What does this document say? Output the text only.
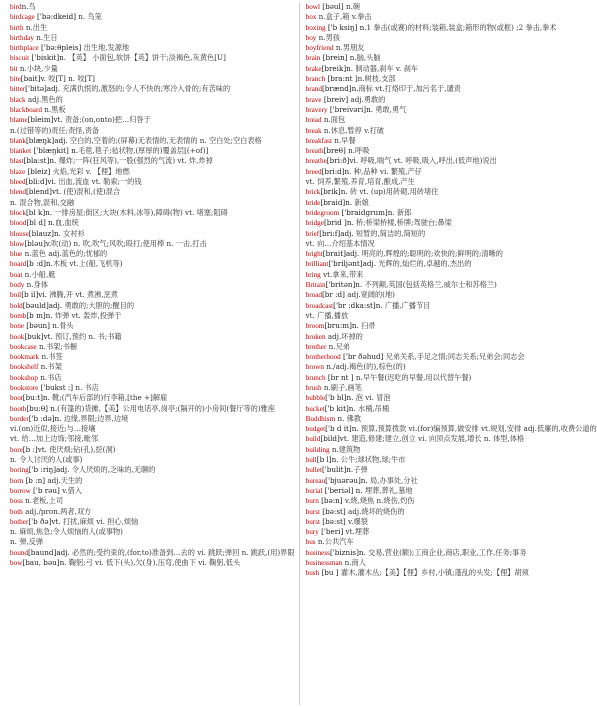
birdn.鸟
birdcage ['bə:dkeid] n. 鸟笼
birth n.出生
birthday n.生日
birthplace ['bə:θpleis] 出生地,发源地
biscuit ['biskit]n. 【英】 小面包,软饼【英】饼干;淡褐色,灰黄色[U]
bit n.小块,少量
bite[bait]v. 咬[T] n. 咬[T]
bitter['bitə]adj. 充满仇恨的,激怒的;令人不快的;寒冷入骨的;有苦味的
black adj.黑色的
blackboard n.黑板
blame[bleim]vt. 责备;(on,onto)把…归咎于
n.(过错等的)责任;责怪,责备
blank[blæŋk]adj. 空白的,空着的;(屏幕)无表情的,无表情的 n. 空白处;空白表格
blanket ['blæŋkit] n.毛毯,毯子;毡状物,(厚厚的)覆盖层[(+of)]
blast[bla:st]n. 爆炸;一阵(狂风等),一股(强烈的气流) vt. 炸,炸掉
blaze [bleiz] 火焰,光彩 v. 【俚】地燃
bleed[bli:d]vi. 出血,流血 vt. 勒索;一的钱
blend[blend]vt. (使)混和,(使)混合
n. 混合物,混和,交融
block[bl k]n. 一排房屋;街区;大块(木料,冰等),障碍(物) vt. 堵塞;阻碍
blood[bl d] n.血,血统
blouse[blauz]n. 女衬衫
blow[bləu]v.吹(动) n. 吹,吹气;风吹;殴打;使用棒 n. 一击,打击
blue n.蓝色 adj.蓝色的;忧郁的
board[b :d]n.木板 vt.上(船,飞机等)
boat n.小船,艇
body n.身体
boil[b il]vi. 沸腾,开 vt. 煮沸,烹煮
bold[bəuld]adj. 勇敢的;大胆的;醒目的
bomb[b m]n. 炸弹 vt. 轰炸,投弹于
bone [bəun] n.骨头
book[buk]vt. 预订,预约 n. 书;书籍
bookcase n.书架;书橱
bookmark n.书签
bookshelf n.书架
bookshop n.书店
bookstore ['bukst :] n. 书店
boot[bu:t]n. 靴;(汽车后部的)行李箱,[the +]解雇
booth[bu:θ] n.(有篷的)货摊,【美】公用电话亭,岗亭;(隔开的)小房间(餐厅等的)雅座
border['b :də]n. 边缘,界限;边界,边境
vi.(on)近似,接近;与…接壤
vt. 给…加上边饰;邻接,毗邻
bore[b :]vt. 使厌烦;钻(孔),挖(洞)
n. 令人讨厌的人(或事)
boring['b :riŋ]adj. 令人厌烦的,乏味的,无聊的
born [b :n] adj.天生的
borrow ['b rəu] v.借入
boss n.老板,上司
both adj./pron.两者,双方
bother['b ðə]vt. 打扰,麻烦 vi. 担心,烦恼
n. 麻烦,焦急;令人烦恼的人(或事物)
n. 弹,反弹
bound[baund]adj. 必然的;受约束的,(for,to)准备到…去的 vi. 跳跃;弹回 n. 跳跃,(用)界限
bow[bau, bəu]n. 鞠躬;弓 vi. 低下(头),欠(身),压弯,使曲下 vi. 鞠躬,低头
bowl [bəul] n.碗
box n.盒子,箱 v.拳击
boxing ['b ksiŋ] n.1 拳击(或赛)的材料;装箱,装盒;箱形的物(或框) ;2 拳击,拳术
boy n.男孩
boyfriend n.男朋友
brain [brein] n.脑,头脑
brake[breik]n. 制动器,刹车 v. 刹车
branch [bra:nt ]n.树枝,支部
brand[brænd]n.商标 vt.打烙印于,加污名于,谴责
brave [breiv] adj.勇敢的
bravery ['breivəri]n. 勇敢,勇气
bread n.面包
break n.休息,暂停 v.打破
breakfast n.早餐
breath[breθ] n.呼吸
breathe[bri:ð]vi. 呼吸,喘气 vt. 呼吸,吸入,呼出,(低声地)说出
breed[bri:d]n. 种,品种 vi. 繁殖,产仔
vt. 饲养,繁殖,养育,培育,酿成,产生
brick[brik]n. 砖 vt. (up)用砖砌,用砖堵住
bride[braid]n. 新娘
bridegroom ['braidgrum]n. 新郎
bridge[brid ]n. 桥;桥梁桥楼,桥牌;驾驶台;鼻梁
brief[bri:f]adj. 短暂的,简洁的,简短的
vt. 向…介绍基本情况
bright[brait]adj. 明亮的,辉煌的;聪明的;欢快的;鲜明的;清晰的
brilliant['briljənt]adj. 光辉的,灿烂的,卓越的,杰出的
bring vt.拿来,带来
Britain['britən]n. 不列颠,英国(包括英格兰,威尔士和苏格兰)
broad[br :d] adj.宽阔的(地)
broadcast['br :dka:st]n. 广播,广播节目
vt. 广播,播放
broom[bru:m]n. 扫帚
broken adj.坏掉的
brother n.兄弟
brotherhood ['br ðəhud] 兄弟关系,手足之情;同志关系;兄弟会;同志会
brown n./adj.褐色(的),棕色(的)
brunch [br nt ] n.早午餐(迟吃的早餐,用以代替午餐)
brush n.刷子,画笔
bubble['b bl]n. 泡 vi. 冒泡
bucket['b kit]n. 水桶,吊桶
Buddhism n. 佛教
budget['b d it]n. 预算,预算拨款 vi.(for)编预算,做安排 vt.规划,安排 adj.低廉的,收费公道的
build[bild]vt. 建造,修建;建立,创立 vi. 向顶点发展,增长 n. 体型,体格
building n.建筑物
bull[b l]n. 公牛;球状物,球;牛市
bullet['bulit]n.子弹
bureau['bjuərəu]n. 局,办事处,分社
burial ['beriəl] n. 埋葬,葬礼,墓地
burn [bə:n] v.烧,烧焦 n.烧伤,灼伤
burst [bə:st] adj.烧坏的烧伤的
burst [bə:st] v.爆裂
bury ['beri] vt.埋葬
bus n.公共汽车
business['biznis]n. 交易,营业(额);工商企业,商店,职业,工作,任务;事务
businessman n.商人
bush [bu ] 灌木,灌木丛;【美】【俚】乡村,小镇;蓬乱的头发;【俚】胡须
